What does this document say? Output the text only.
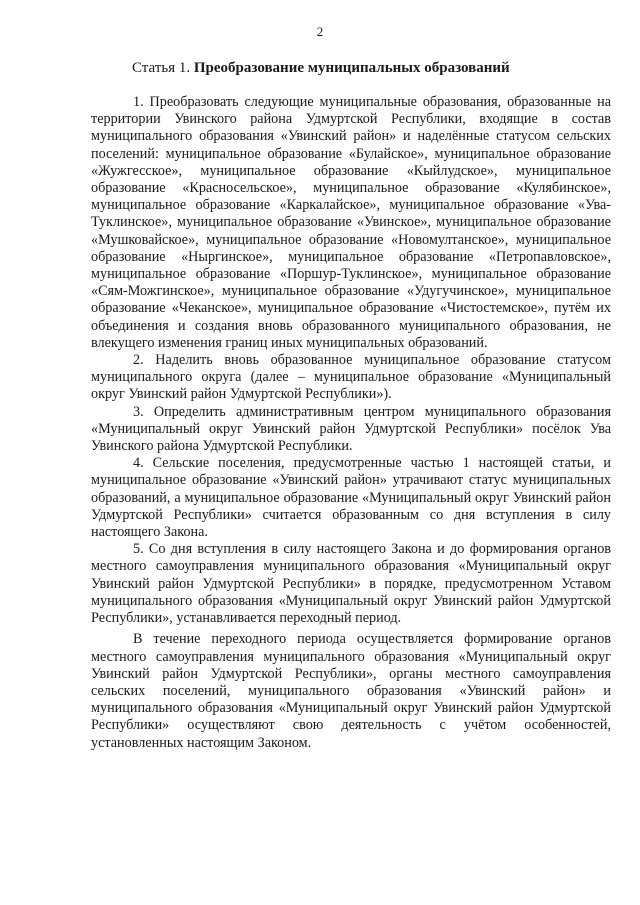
2
Статья 1. Преобразование муниципальных образований

1. Преобразовать следующие муниципальные образования, образованные на территории Увинского района Удмуртской Республики, входящие в состав муниципального образования «Увинский район» и наделённые статусом сельских поселений: муниципальное образование «Булайское», муниципальное образование «Жужгесское», муниципальное образование «Кыйлудское», муниципальное образование «Красносельское», муниципальное образование «Кулябинское», муниципальное образование «Каркалайское», муниципальное образование «Ува-Туклинское», муниципальное образование «Увинское», муниципальное образование «Мушковайское», муниципальное образование «Новомултанское», муниципальное образование «Ныргинское», муниципальное образование «Петропавловское», муниципальное образование «Поршур-Туклинское», муниципальное образование «Сям-Можгинское», муниципальное образование «Удугучинское», муниципальное образование «Чеканское», муниципальное образование «Чистостемское», путём их объединения и создания вновь образованного муниципального образования, не влекущего изменения границ иных муниципальных образований.

2. Наделить вновь образованное муниципальное образование статусом муниципального округа (далее – муниципальное образование «Муниципальный округ Увинский район Удмуртской Республики»).

3. Определить административным центром муниципального образования «Муниципальный округ Увинский район Удмуртской Республики» посёлок Ува Увинского района Удмуртской Республики.

4. Сельские поселения, предусмотренные частью 1 настоящей статьи, и муниципальное образование «Увинский район» утрачивают статус муниципальных образований, а муниципальное образование «Муниципальный округ Увинский район Удмуртской Республики» считается образованным со дня вступления в силу настоящего Закона.

5. Со дня вступления в силу настоящего Закона и до формирования органов местного самоуправления муниципального образования «Муниципальный округ Увинский район Удмуртской Республики» в порядке, предусмотренном Уставом муниципального образования «Муниципальный округ Увинский район Удмуртской Республики», устанавливается переходный период.

В течение переходного периода осуществляется формирование органов местного самоуправления муниципального образования «Муниципальный округ Увинский район Удмуртской Республики», органы местного самоуправления сельских поселений, муниципального образования «Увинский район» и муниципального образования «Муниципальный округ Увинский район Удмуртской Республики» осуществляют свою деятельность с учётом особенностей, установленных настоящим Законом.
